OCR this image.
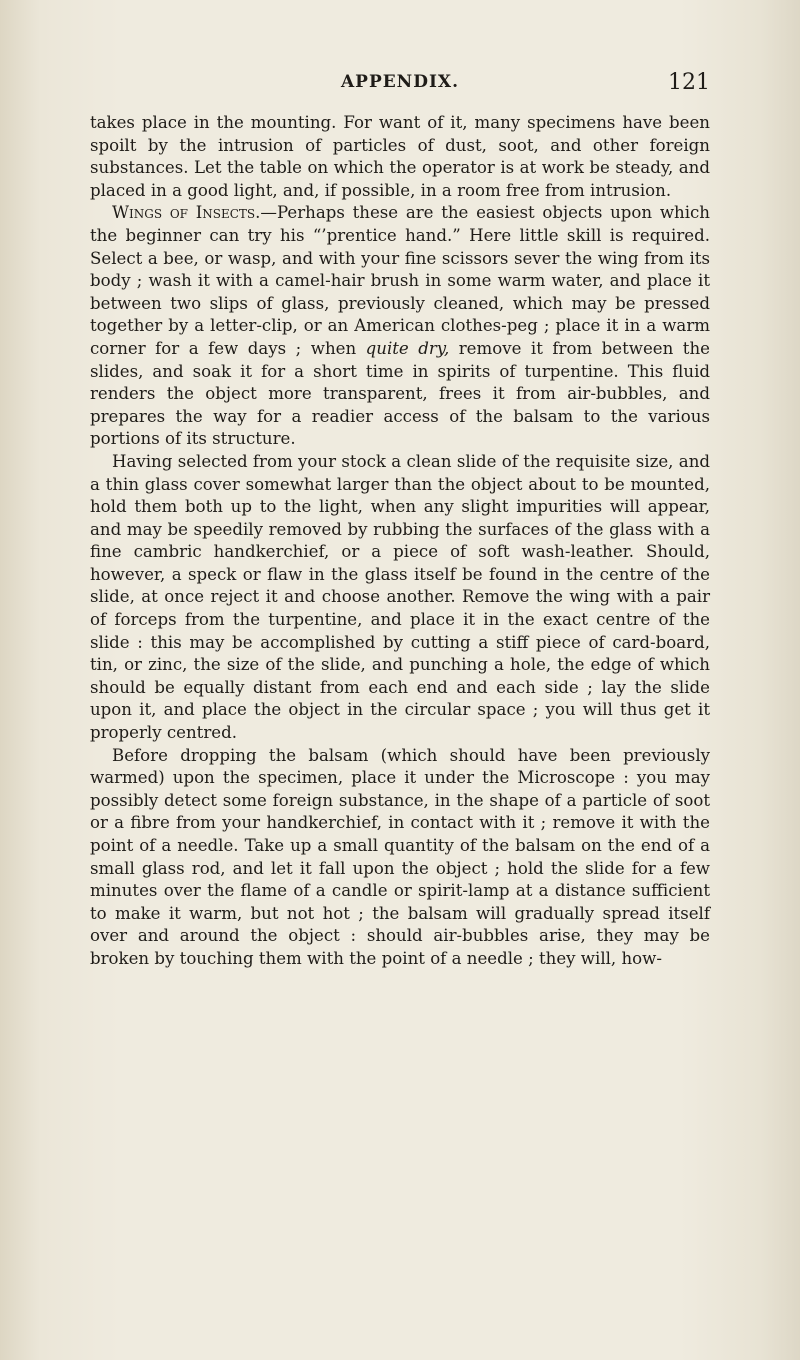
APPENDIX.	121

takes place in the mounting. For want of it, many specimens have been spoilt by the intrusion of particles of dust, soot, and other foreign substances. Let the table on which the operator is at work be steady, and placed in a good light, and, if possible, in a room free from intrusion.

Wings of Insects.—Perhaps these are the easiest objects upon which the beginner can try his “’prentice hand.” Here little skill is required. Select a bee, or wasp, and with your fine scissors sever the wing from its body ; wash it with a camel-hair brush in some warm water, and place it between two slips of glass, previously cleaned, which may be pressed together by a letter-clip, or an American clothes-peg ; place it in a warm corner for a few days ; when quite dry, remove it from between the slides, and soak it for a short time in spirits of turpentine. This fluid renders the object more transparent, frees it from air-bubbles, and prepares the way for a readier access of the balsam to the various portions of its structure.

Having selected from your stock a clean slide of the requisite size, and a thin glass cover somewhat larger than the object about to be mounted, hold them both up to the light, when any slight impurities will appear, and may be speedily removed by rubbing the surfaces of the glass with a fine cambric handkerchief, or a piece of soft wash-leather. Should, however, a speck or flaw in the glass itself be found in the centre of the slide, at once reject it and choose another. Remove the wing with a pair of forceps from the turpentine, and place it in the exact centre of the slide : this may be accomplished by cutting a stiff piece of card-board, tin, or zinc, the size of the slide, and punching a hole, the edge of which should be equally distant from each end and each side ; lay the slide upon it, and place the object in the circular space ; you will thus get it properly centred.

Before dropping the balsam (which should have been previously warmed) upon the specimen, place it under the Microscope : you may possibly detect some foreign substance, in the shape of a particle of soot or a fibre from your handkerchief, in contact with it ; remove it with the point of a needle. Take up a small quantity of the balsam on the end of a small glass rod, and let it fall upon the object ; hold the slide for a few minutes over the flame of a candle or spirit-lamp at a distance sufficient to make it warm, but not hot ; the balsam will gradually spread itself over and around the object : should air-bubbles arise, they may be broken by touching them with the point of a needle ; they will, how-
